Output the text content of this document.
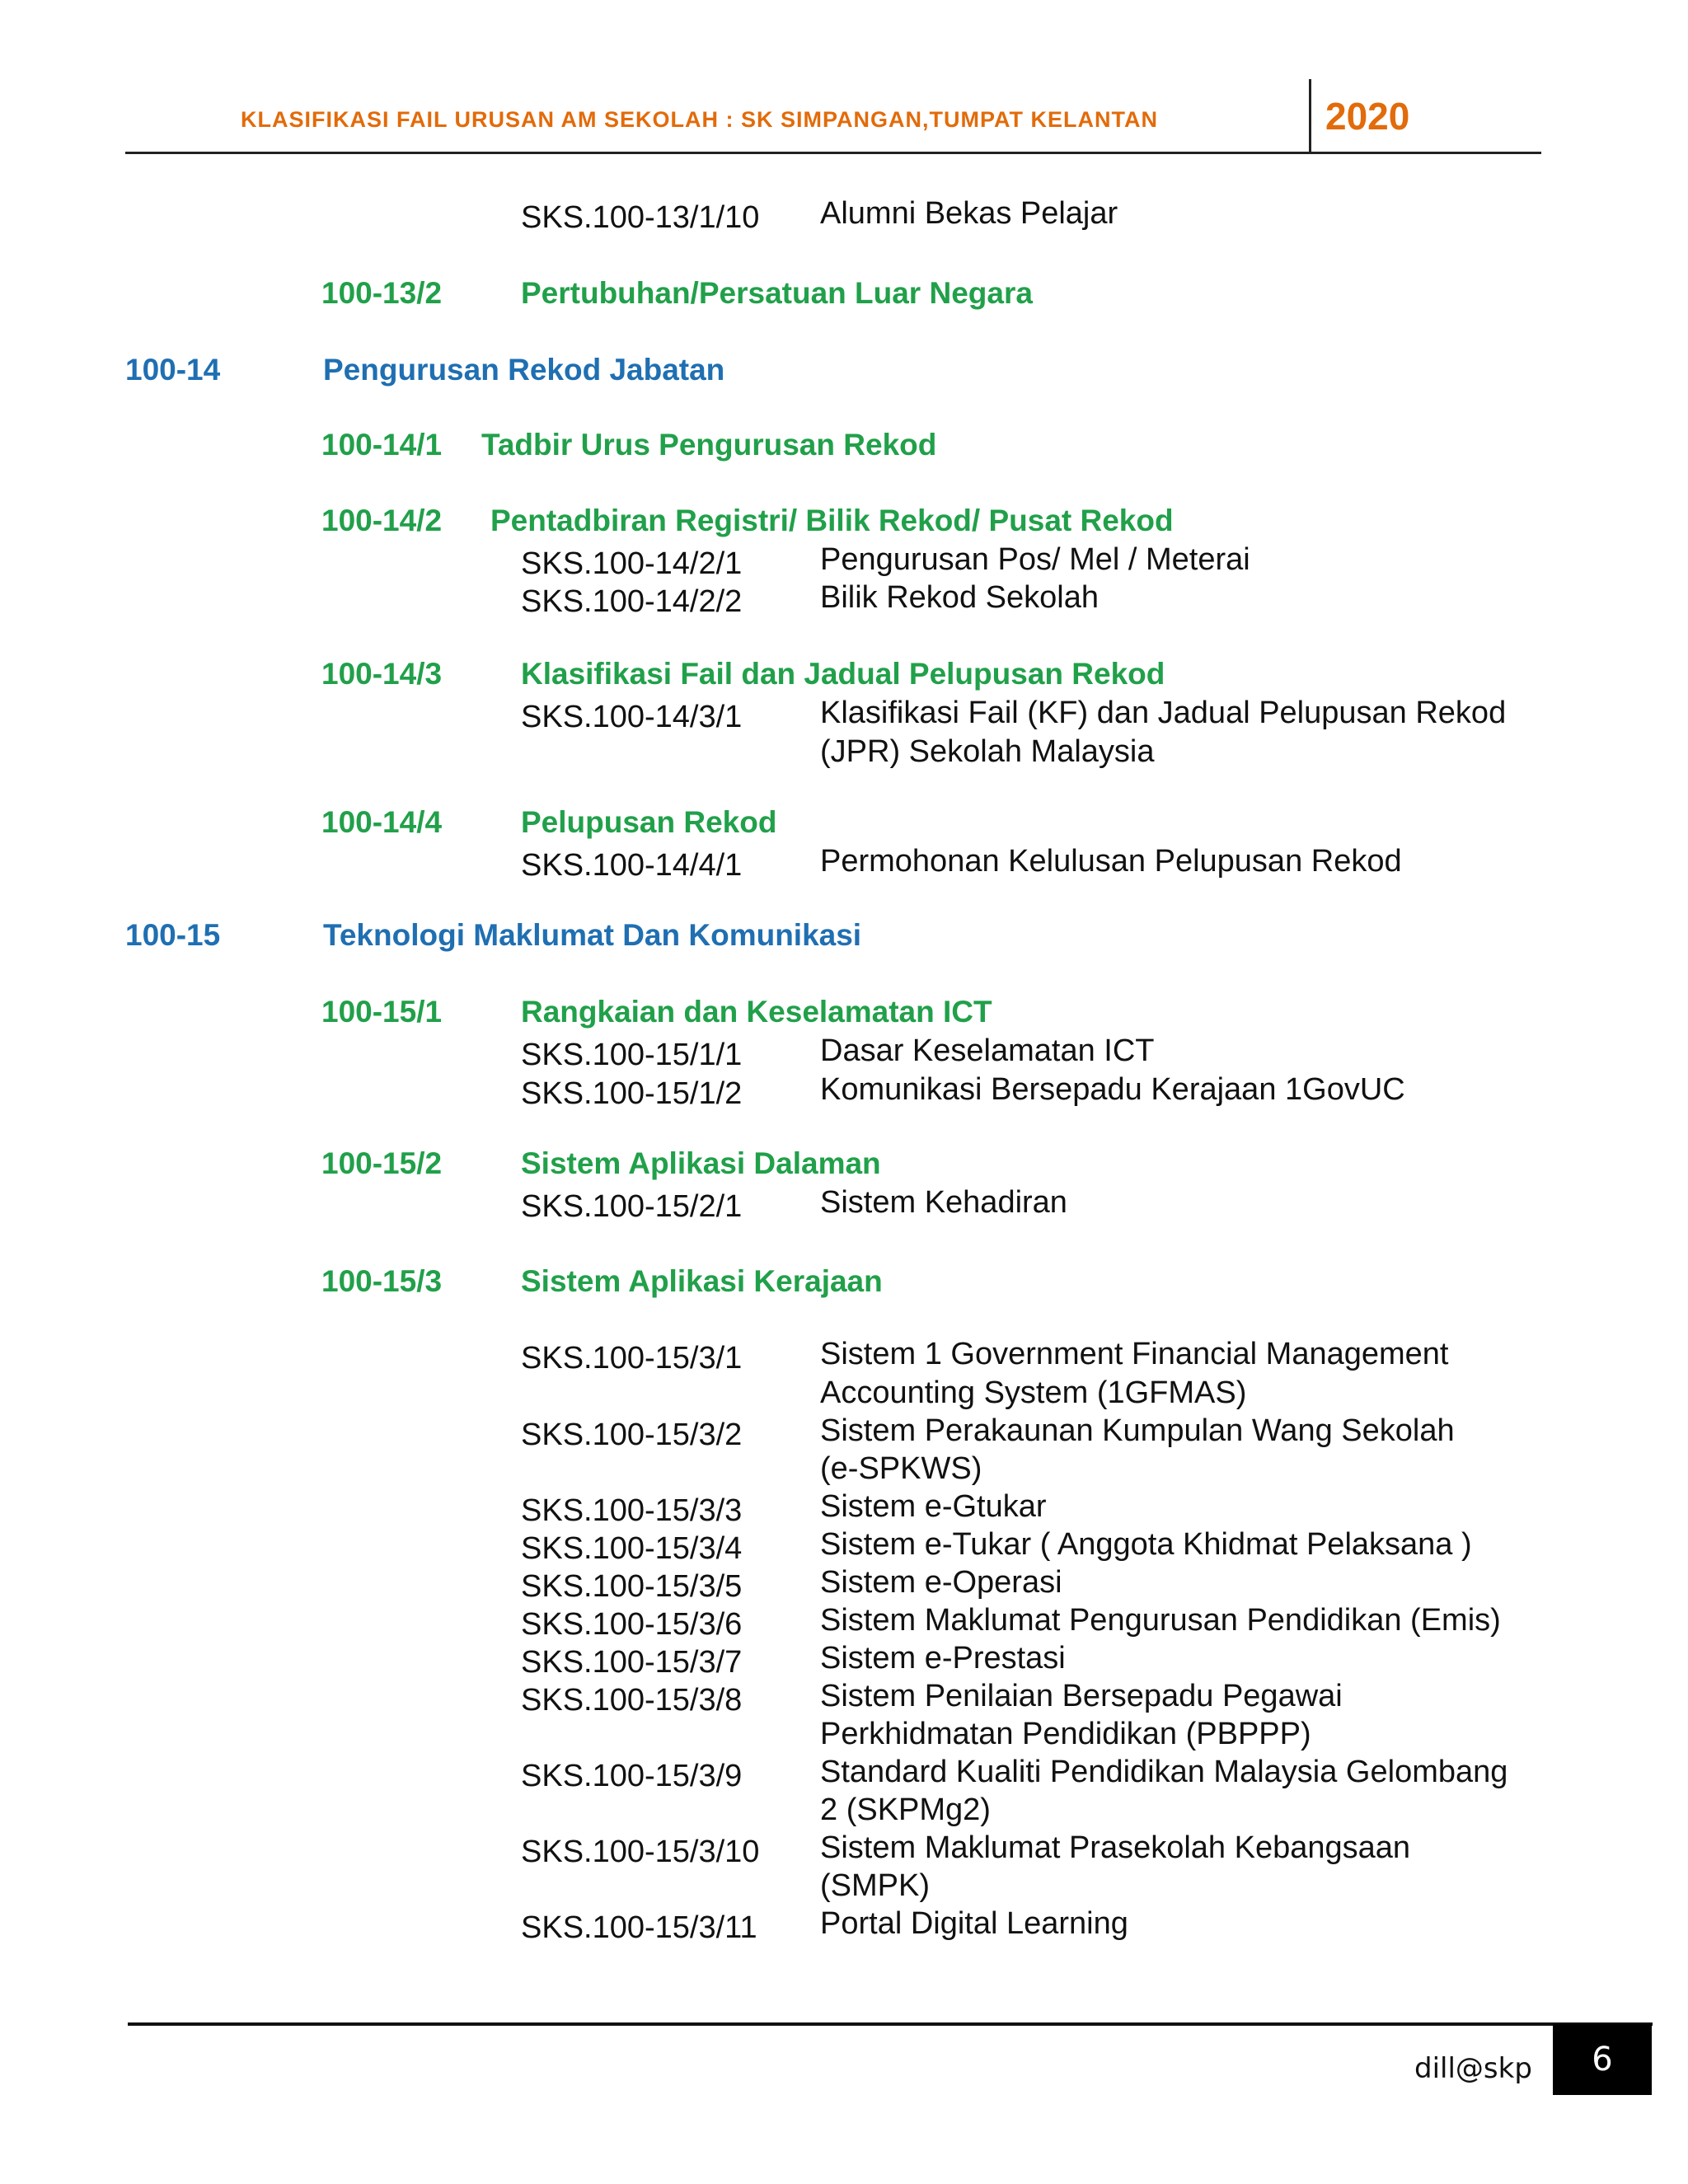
KLASIFIKASI FAIL URUSAN AM SEKOLAH : SK SIMPANGAN,TUMPAT KELANTAN	2020
SKS.100-13/1/10 Alumni Bekas Pelajar
100-13/2	Pertubuhan/Persatuan Luar Negara
100-14	Pengurusan Rekod Jabatan
100-14/1 Tadbir Urus Pengurusan Rekod
100-14/2 Pentadbiran Registri/ Bilik Rekod/ Pusat Rekod
SKS.100-14/2/1 Pengurusan Pos/ Mel / Meterai
SKS.100-14/2/2 Bilik Rekod Sekolah
100-14/3	Klasifikasi Fail dan Jadual Pelupusan Rekod
SKS.100-14/3/1 Klasifikasi Fail (KF) dan Jadual Pelupusan Rekod
(JPR) Sekolah Malaysia
100-14/4	Pelupusan Rekod
SKS.100-14/4/1 Permohonan Kelulusan Pelupusan Rekod
100-15	Teknologi Maklumat Dan Komunikasi
100-15/1	Rangkaian dan Keselamatan ICT
SKS.100-15/1/1 Dasar Keselamatan ICT
SKS.100-15/1/2 Komunikasi Bersepadu Kerajaan 1GovUC
100-15/2	Sistem Aplikasi Dalaman
SKS.100-15/2/1 Sistem Kehadiran
100-15/3	Sistem Aplikasi Kerajaan
SKS.100-15/3/1 Sistem 1 Government Financial Management
Accounting System (1GFMAS)
SKS.100-15/3/2 Sistem Perakaunan Kumpulan Wang Sekolah
(e-SPKWS)
SKS.100-15/3/3 Sistem e-Gtukar
SKS.100-15/3/4 Sistem e-Tukar ( Anggota Khidmat Pelaksana )
SKS.100-15/3/5 Sistem e-Operasi
SKS.100-15/3/6 Sistem Maklumat Pengurusan Pendidikan (Emis)
SKS.100-15/3/7 Sistem e-Prestasi
SKS.100-15/3/8 Sistem Penilaian Bersepadu Pegawai
Perkhidmatan Pendidikan (PBPPP)
SKS.100-15/3/9 Standard Kualiti Pendidikan Malaysia Gelombang
2 (SKPMg2)
SKS.100-15/3/10 Sistem Maklumat Prasekolah Kebangsaan
(SMPK)
SKS.100-15/3/11 Portal Digital Learning
dill@skp	6
